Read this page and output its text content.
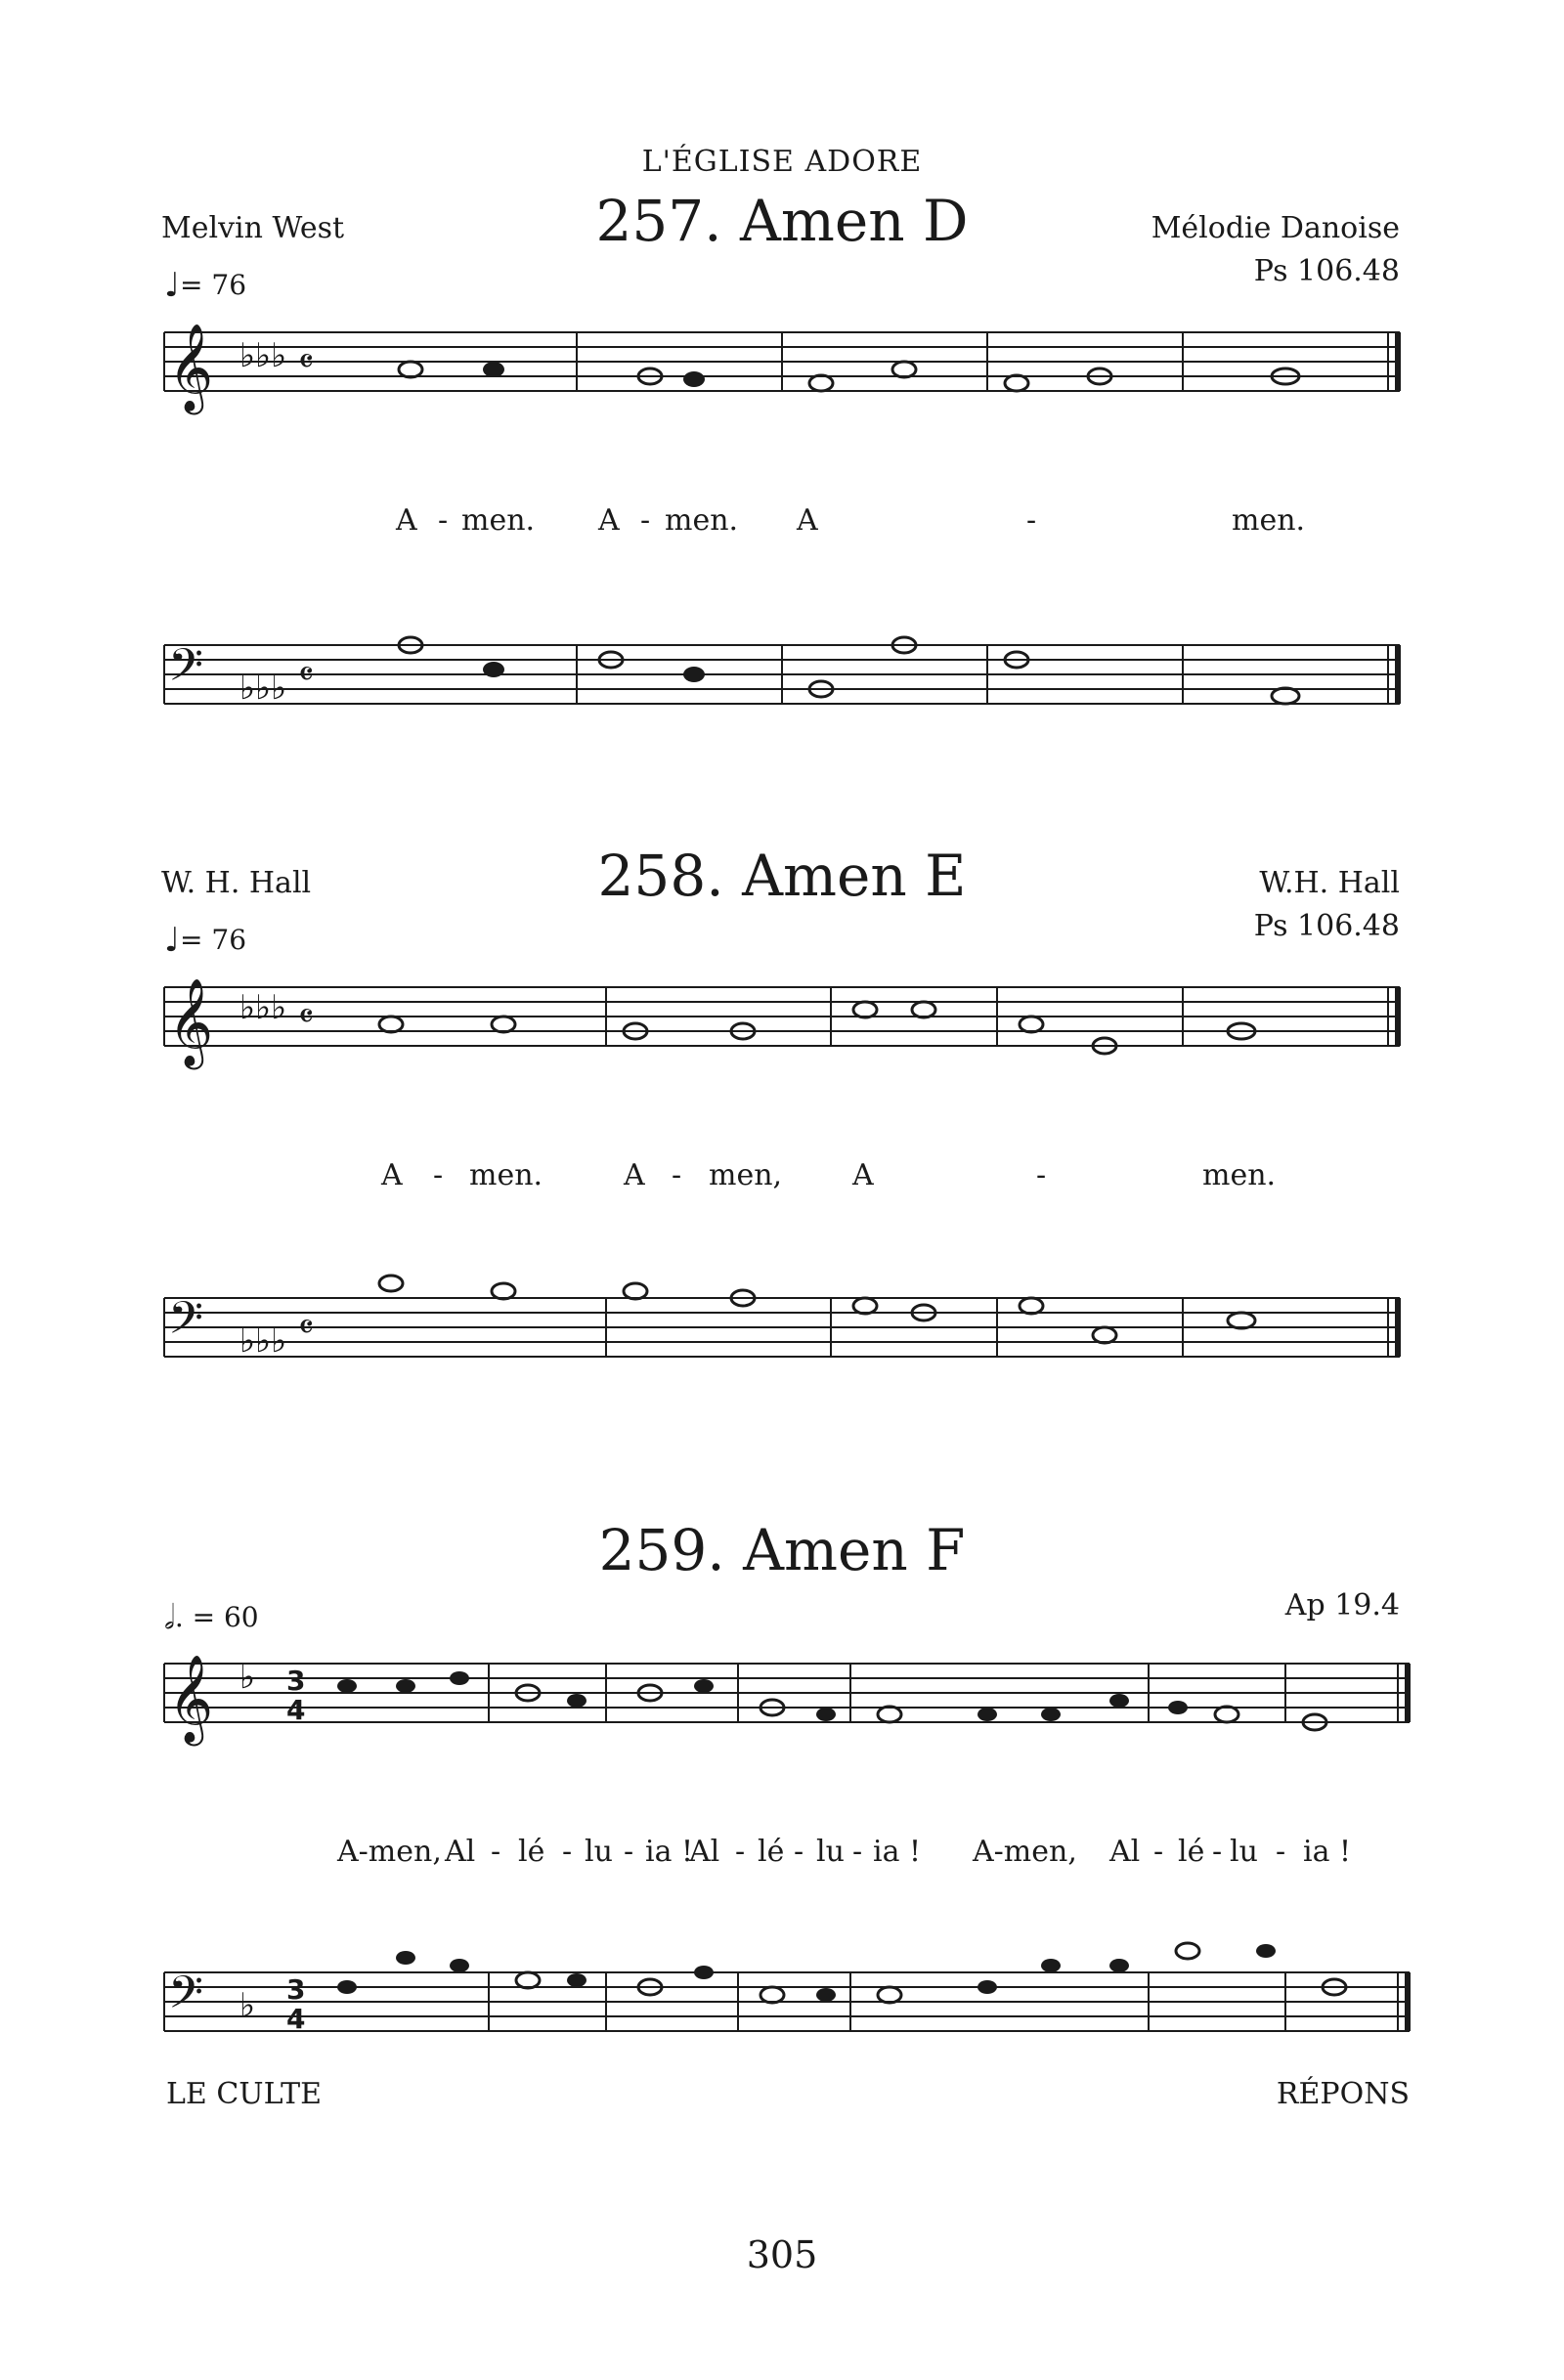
L'ÉGLISE ADORE
257. Amen D
Melvin West	Mélodie Danoise
Ps 106.48
♩= 76
𝄞 ♭♭♭ 𝄴
A - men. A - men. A	-	men.
𝄢 ♭♭♭ 𝄴
258. Amen E
W. H. Hall	W.H. Hall
Ps 106.48
♩= 76
𝄞 ♭♭♭ 𝄴
A - men.	A - men, A	-	men.
𝄢 ♭♭♭ 𝄴
259. Amen F
Ap 19.4
𝅗𝅥. = 60
𝄞 ♭ 3
4
A-men, Al - lé - lu - ia !
Al - lé - lu - ia ! A-men, Al - lé - lu - ia !
𝄢 ♭ 3
4
LE CULTE	RÉPONS
305
